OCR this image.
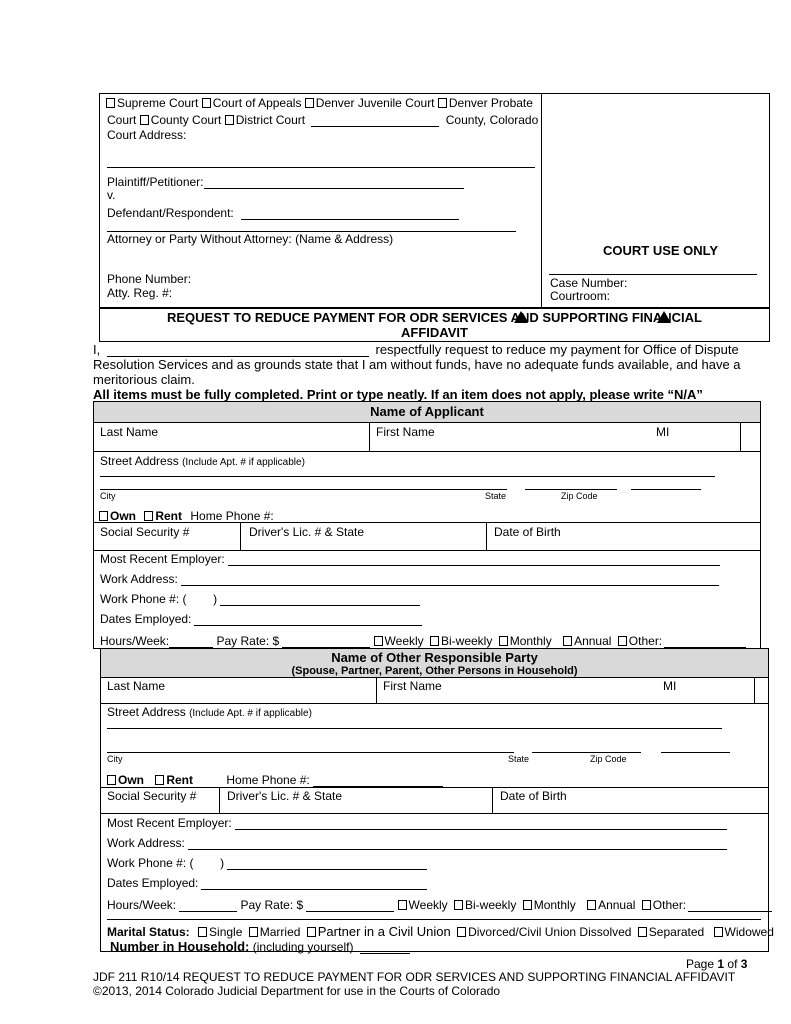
Supreme Court Court of Appeals Denver Juvenile Court Denver Probate
Court County Court District Court	County, Colorado
Court Address:
Plaintiff/Petitioner:
v.
Defendant/Respondent:
Attorney or Party Without Attorney: (Name & Address)
Phone Number:
Atty. Reg. #:
COURT USE ONLY
Case Number:
Courtroom:
REQUEST TO REDUCE PAYMENT FOR ODR SERVICES AND SUPPORTING FINANCIAL
AFFIDAVIT
I,	respectfully request to reduce my payment for Office of Dispute
Resolution Services and as grounds state that I am without funds, have no adequate funds available, and have a
meritorious claim.
All items must be fully completed. Print or type neatly. If an item does not apply, please write “N/A”
Name of Applicant
Last Name	First Name	MI
Street Address (Include Apt. # if applicable)
City	State	Zip Code
Own Rent Home Phone #:
Social Security #	Driver's Lic. # & State	Date of Birth
Most Recent Employer:
Work Address:
Work Phone #: (        )
Dates Employed:
Hours/Week:	Pay Rate: $	Weekly Bi-weekly Monthly Annual Other:
Name of Other Responsible Party
(Spouse, Partner, Parent, Other Persons in Household)
Last Name	First Name	MI
Street Address (Include Apt. # if applicable)
City	State	Zip Code
Own Rent	Home Phone #:
Social Security #	Driver's Lic. # & State	Date of Birth
Most Recent Employer:
Work Address:
Work Phone #: (        )
Dates Employed:
Hours/Week:	Pay Rate: $	Weekly Bi-weekly Monthly Annual Other:
Marital Status: Single Married Partner in a Civil Union Divorced/Civil Union Dissolved Separated Widowed
Number in Household: (including yourself)
Page 1 of 3
JDF 211 R10/14 REQUEST TO REDUCE PAYMENT FOR ODR SERVICES AND SUPPORTING FINANCIAL AFFIDAVIT
©2013, 2014 Colorado Judicial Department for use in the Courts of Colorado
